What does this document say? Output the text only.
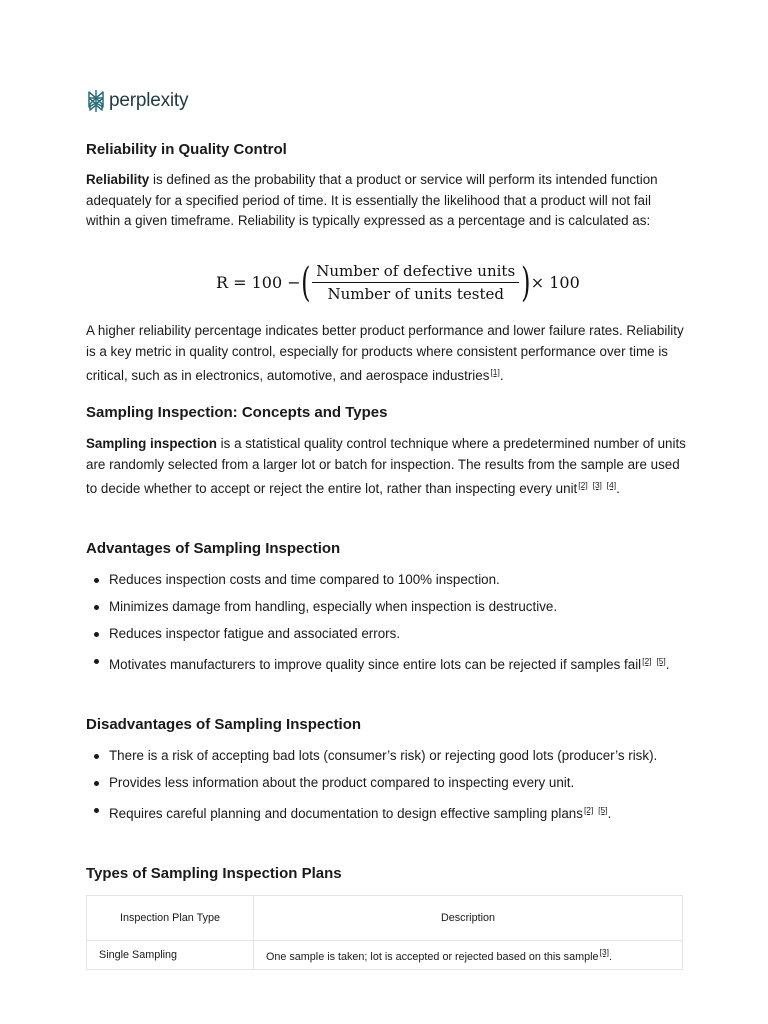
perplexity
Reliability in Quality Control

Reliability is defined as the probability that a product or service will perform its intended function adequately for a specified period of time. It is essentially the likelihood that a product will not fail within a given timeframe. Reliability is typically expressed as a percentage and is calculated as:

R = 100 − ( $\frac{\text{Number of defective units}}{\text{Number of units tested}}$ ) × 100

A higher reliability percentage indicates better product performance and lower failure rates. Reliability is a key metric in quality control, especially for products where consistent performance over time is critical, such as in electronics, automotive, and aerospace industries[1].

Sampling Inspection: Concepts and Types

Sampling inspection is a statistical quality control technique where a predetermined number of units are randomly selected from a larger lot or batch for inspection. The results from the sample are used to decide whether to accept or reject the entire lot, rather than inspecting every unit[2] [3] [4].

Advantages of Sampling Inspection
Reduces inspection costs and time compared to 100% inspection.
Minimizes damage from handling, especially when inspection is destructive.
Reduces inspector fatigue and associated errors.
Motivates manufacturers to improve quality since entire lots can be rejected if samples fail[2] [5].
Disadvantages of Sampling Inspection
There is a risk of accepting bad lots (consumer’s risk) or rejecting good lots (producer’s risk).
Provides less information about the product compared to inspecting every unit.
Requires careful planning and documentation to design effective sampling plans[2] [5].
Types of Sampling Inspection Plans
Inspection Plan Type	Description
Single Sampling	One sample is taken; lot is accepted or rejected based on this sample[3].
